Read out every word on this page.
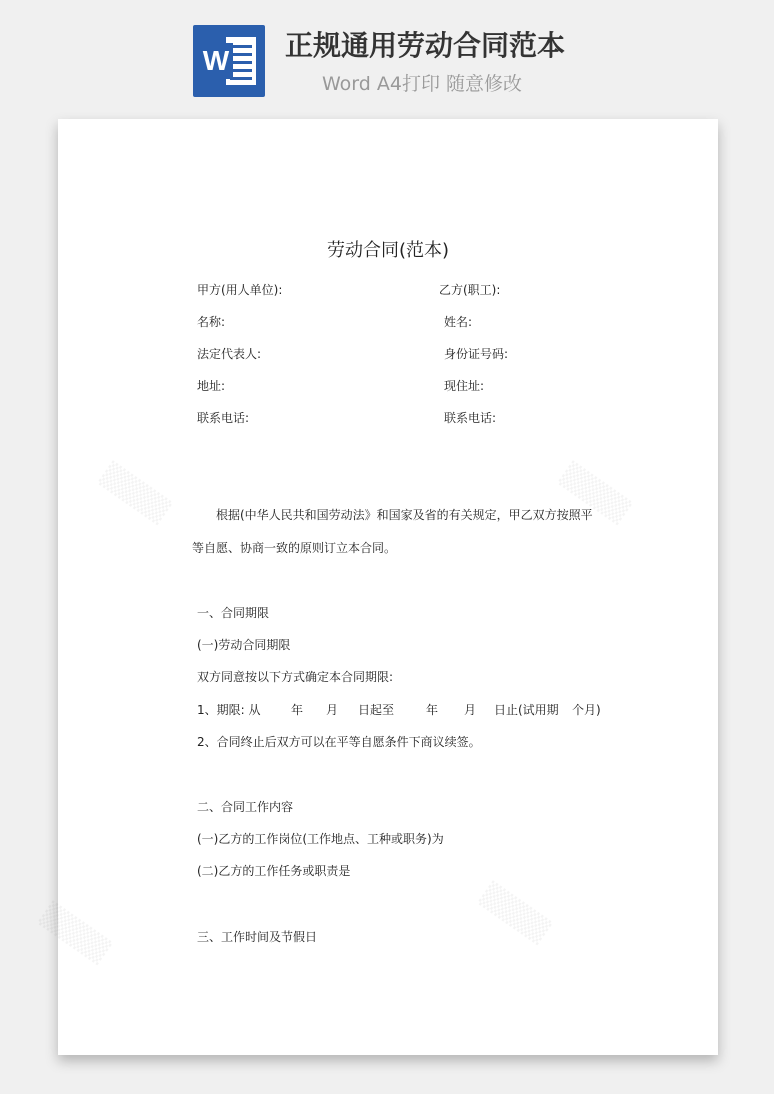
W 正规通用劳动合同范本
Word A4打印 随意修改
劳动合同(范本)
甲方(用人单位):
名称:
法定代表人:
地址:
联系电话:
乙方(职工):
姓名:
身份证号码:
现住址:
联系电话:
根据(中华人民共和国劳动法》和国家及省的有关规定，甲乙双方按照平
等自愿、协商一致的原则订立本合同。
一、合同期限
(一)劳动合同期限
双方同意按以下方式确定本合同期限:
1、期限: 从	年 月 日起至	年 月 日止(试用期 个月)
2、合同终止后双方可以在平等自愿条件下商议续签。
二、合同工作内容
(一)乙方的工作岗位(工作地点、工种或职务)为
(二)乙方的工作任务或职责是
三、工作时间及节假日
